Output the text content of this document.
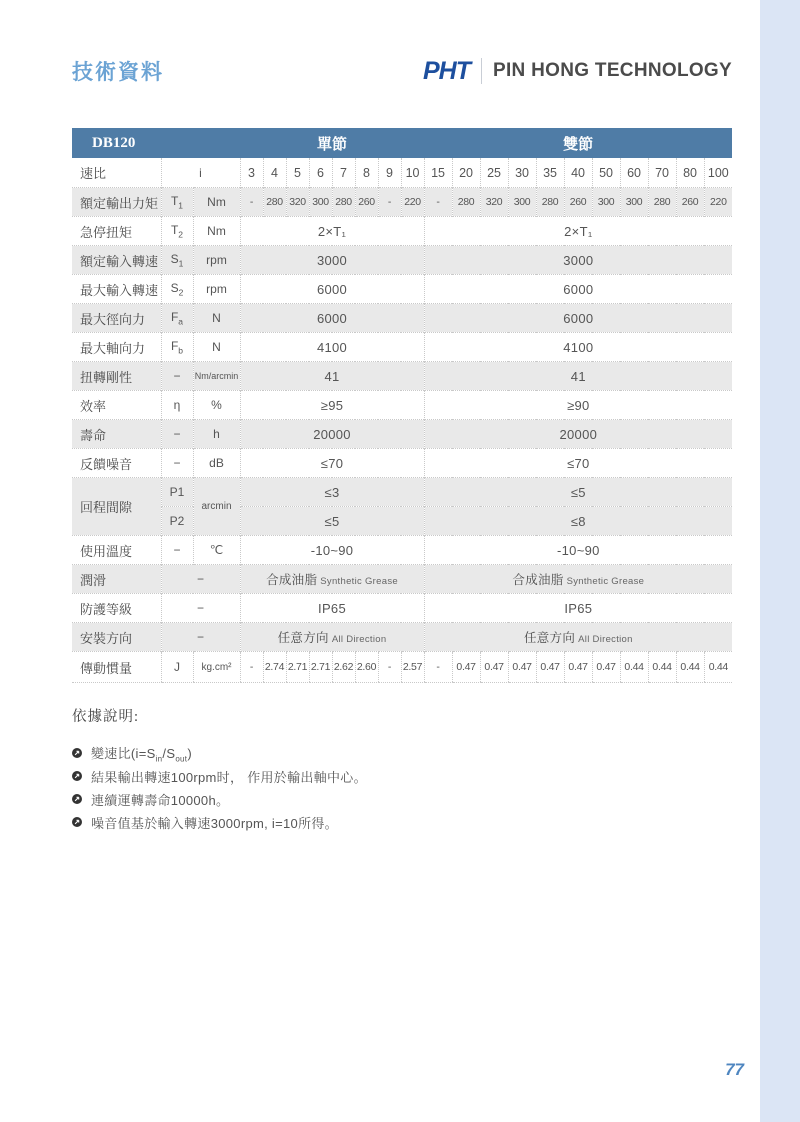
技術資料	PHT PIN HONG TECHNOLOGY
DB120			單節								雙節										
速比	i		3	4	5	6	7	8	9	10	15	20	25	30	35	40	50	60	70	80	100
額定輸出力矩	$T_1$	Nm	-	280	320	300	280	260	-	220	-	280	320	300	280	260	300	300	280	260	220
急停扭矩	$T_2$	Nm	2×T₁								2×T₁										
額定輸入轉速	$S_1$	rpm	3000								3000										
最大輸入轉速	$S_2$	rpm	6000								6000										
最大徑向力	$F_a$	N	6000								6000										
最大軸向力	$F_b$	N	4100								4100										
扭轉剛性	−	Nm/arcmin	41								41										
效率	η	%	≥95								≥90										
壽命	−	h	20000								20000										
反饋噪音	−	dB	≤70								≤70										
回程間隙	P1	arcmin	≤3								≤5										
	P2		≤5								≤8										
使用溫度	−	℃	-10~90								-10~90										
潤滑	−		合成油脂 Synthetic Grease								合成油脂 Synthetic Grease										
防護等級	−		IP65								IP65										
安裝方向	−		任意方向 All Direction								任意方向 All Direction										
傳動慣量	J	kg.cm²	-	2.74	2.71	2.71	2.62	2.60	-	2.57	-	0.47	0.47	0.47	0.47	0.47	0.47	0.44	0.44	0.44	0.44
依據說明:
變速比$(i=S_{in}/S_{out})$
結果輸出轉速100rpm时， 作用於輸出軸中心。
連續運轉壽命10000h。
噪音值基於輸入轉速3000rpm, i=10所得。
77
